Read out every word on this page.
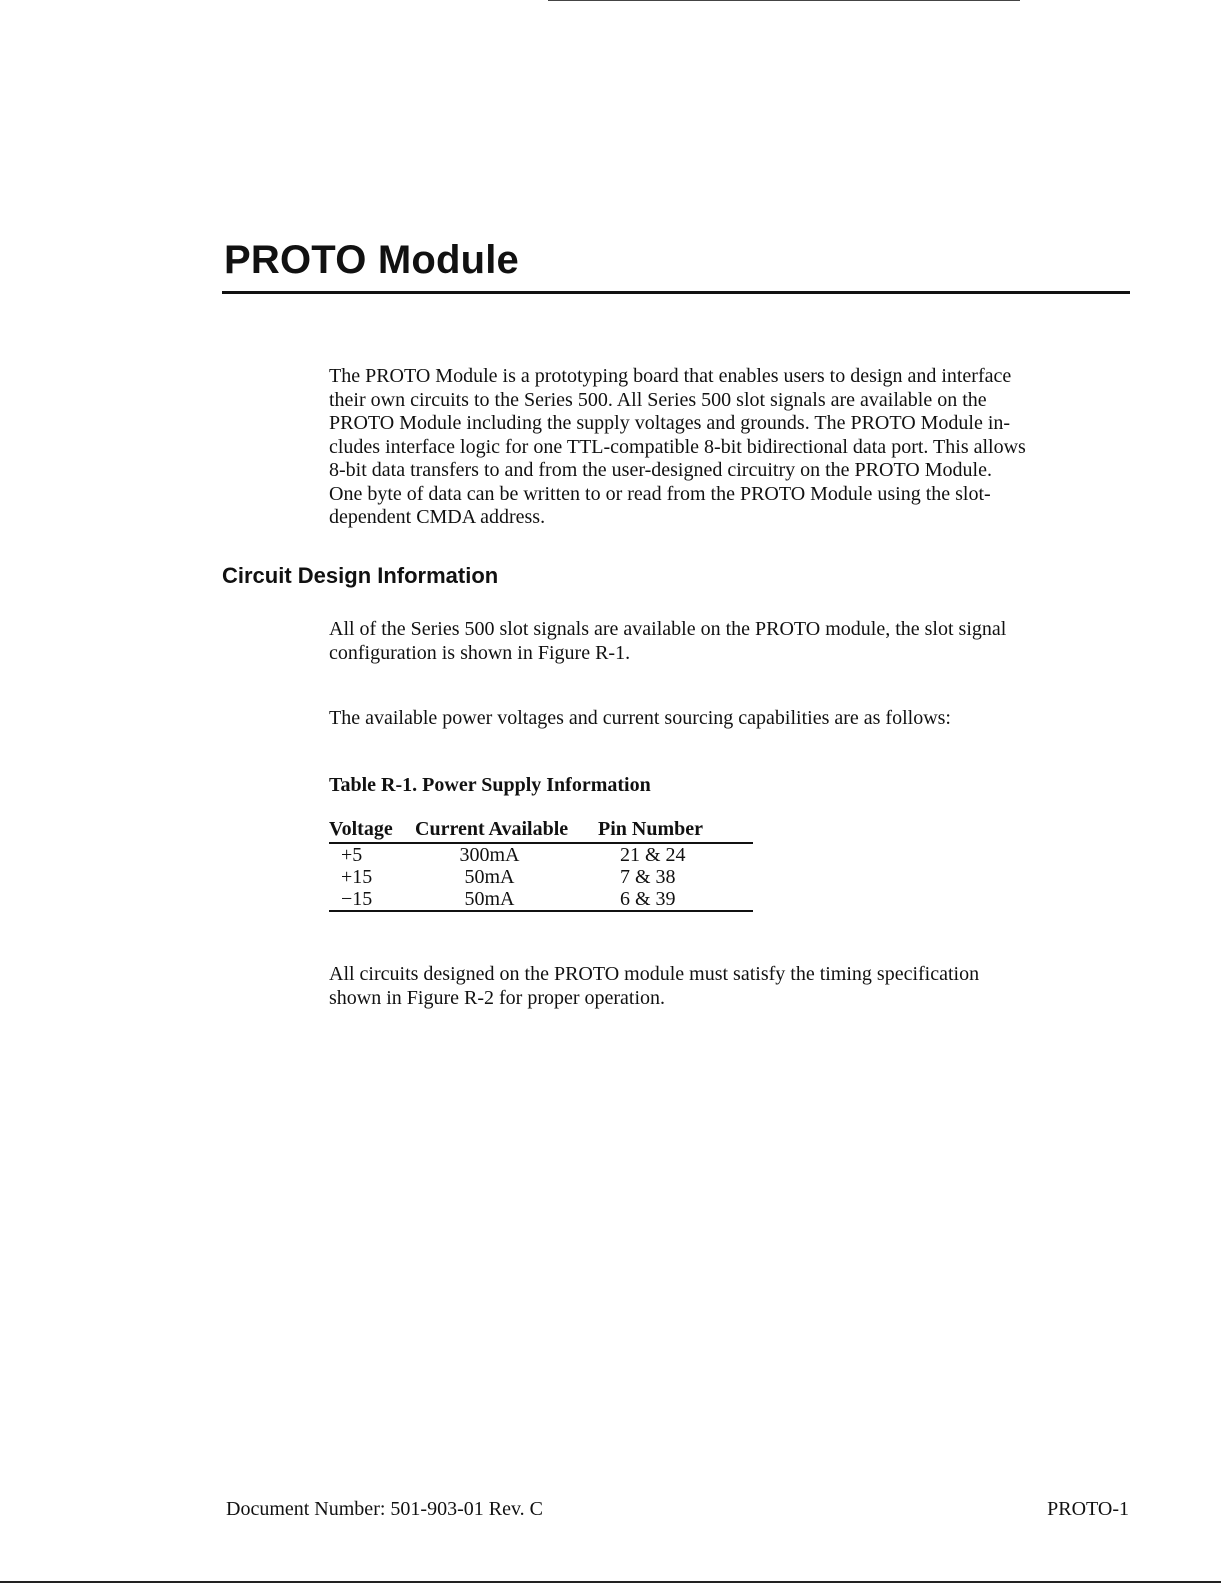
PROTO Module

The PROTO Module is a prototyping board that enables users to design and interface
their own circuits to the Series 500. All Series 500 slot signals are available on the
PROTO Module including the supply voltages and grounds. The PROTO Module in-
cludes interface logic for one TTL-compatible 8-bit bidirectional data port. This allows
8-bit data transfers to and from the user-designed circuitry on the PROTO Module.
One byte of data can be written to or read from the PROTO Module using the slot-
dependent CMDA address.

Circuit Design Information

All of the Series 500 slot signals are available on the PROTO module, the slot signal
configuration is shown in Figure R-1.

The available power voltages and current sourcing capabilities are as follows:

Table R-1. Power Supply Information

Voltage	Current Available	Pin Number
+5	300mA	21 & 24
+15	50mA	7 & 38
−15	50mA	6 & 39

All circuits designed on the PROTO module must satisfy the timing specification
shown in Figure R-2 for proper operation.

Document Number: 501-903-01 Rev. C	PROTO-1
